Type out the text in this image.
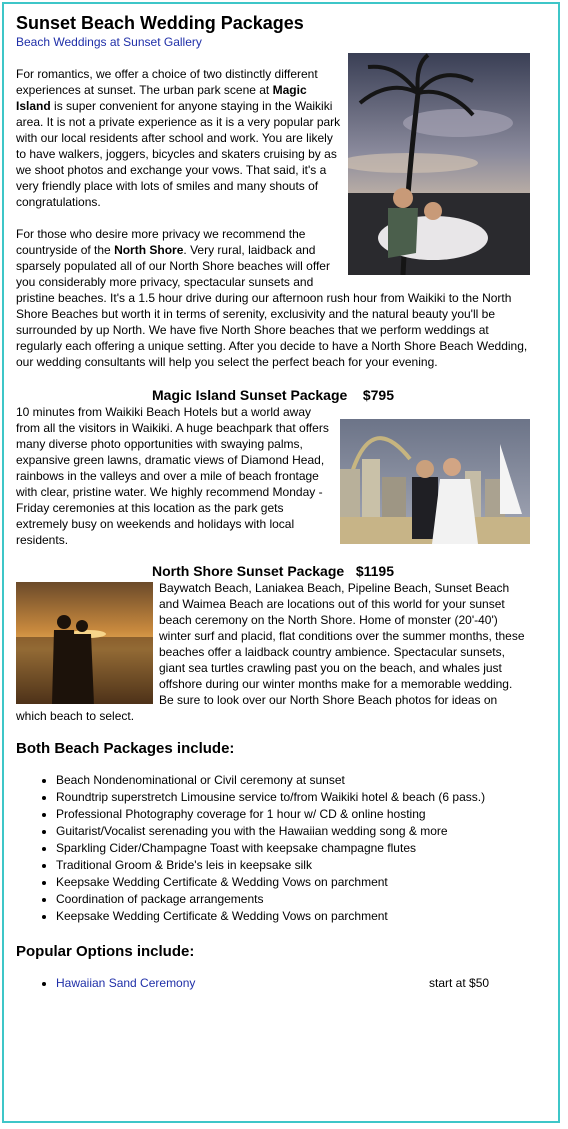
Sunset Beach Wedding Packages
Beach Weddings at Sunset Gallery

For romantics, we offer a choice of two distinctly different experiences at sunset. The urban park scene at Magic Island is super convenient for anyone staying in the Waikiki area. It is not a private experience as it is a very popular park with our local residents after school and work. You are likely to have walkers, joggers, bicycles and skaters cruising by as we shoot photos and exchange your vows. That said, it's a very friendly place with lots of smiles and many shouts of congratulations.

For those who desire more privacy we recommend the countryside of the North Shore. Very rural, laidback and sparsely populated all of our North Shore beaches will offer you considerably more privacy, spectacular sunsets and pristine beaches. It's a 1.5 hour drive during our afternoon rush hour from Waikiki to the North Shore Beaches but worth it in terms of serenity, exclusivity and the natural beauty you'll be surrounded by up North. We have five North Shore beaches that we perform weddings at regularly each offering a unique setting. After you decide to have a North Shore Beach Wedding, our wedding consultants will help you select the perfect beach for your evening.

Magic Island Sunset Package    $795

10 minutes from Waikiki Beach Hotels but a world away from all the visitors in Waikiki. A huge beachpark that offers many diverse photo opportunities with swaying palms, expansive green lawns, dramatic views of Diamond Head, rainbows in the valleys and over a mile of beach frontage with clear, pristine water. We highly recommend Monday - Friday ceremonies at this location as the park gets extremely busy on weekends and holidays with local residents.

North Shore Sunset Package   $1195

Baywatch Beach, Laniakea Beach, Pipeline Beach, Sunset Beach and Waimea Beach are locations out of this world for your sunset beach ceremony on the North Shore. Home of monster (20'-40') winter surf and placid, flat conditions over the summer months, these beaches offer a laidback country ambience. Spectacular sunsets, giant sea turtles crawling past you on the beach, and whales just offshore during our winter months make for a memorable wedding. Be sure to look over our North Shore Beach photos for ideas on which beach to select.

Both Beach Packages include:
• Beach Nondenominational or Civil ceremony at sunset
• Roundtrip superstretch Limousine service to/from Waikiki hotel & beach (6 pass.)
• Professional Photography coverage for 1 hour w/ CD & online hosting
• Guitarist/Vocalist serenading you with the Hawaiian wedding song & more
• Sparkling Cider/Champagne Toast with keepsake champagne flutes
• Traditional Groom & Bride's leis in keepsake silk
• Keepsake Wedding Certificate & Wedding Vows on parchment
• Coordination of package arrangements
• Keepsake Wedding Certificate & Wedding Vows on parchment
Popular Options include:
• Hawaiian Sand Ceremony	start at $50
